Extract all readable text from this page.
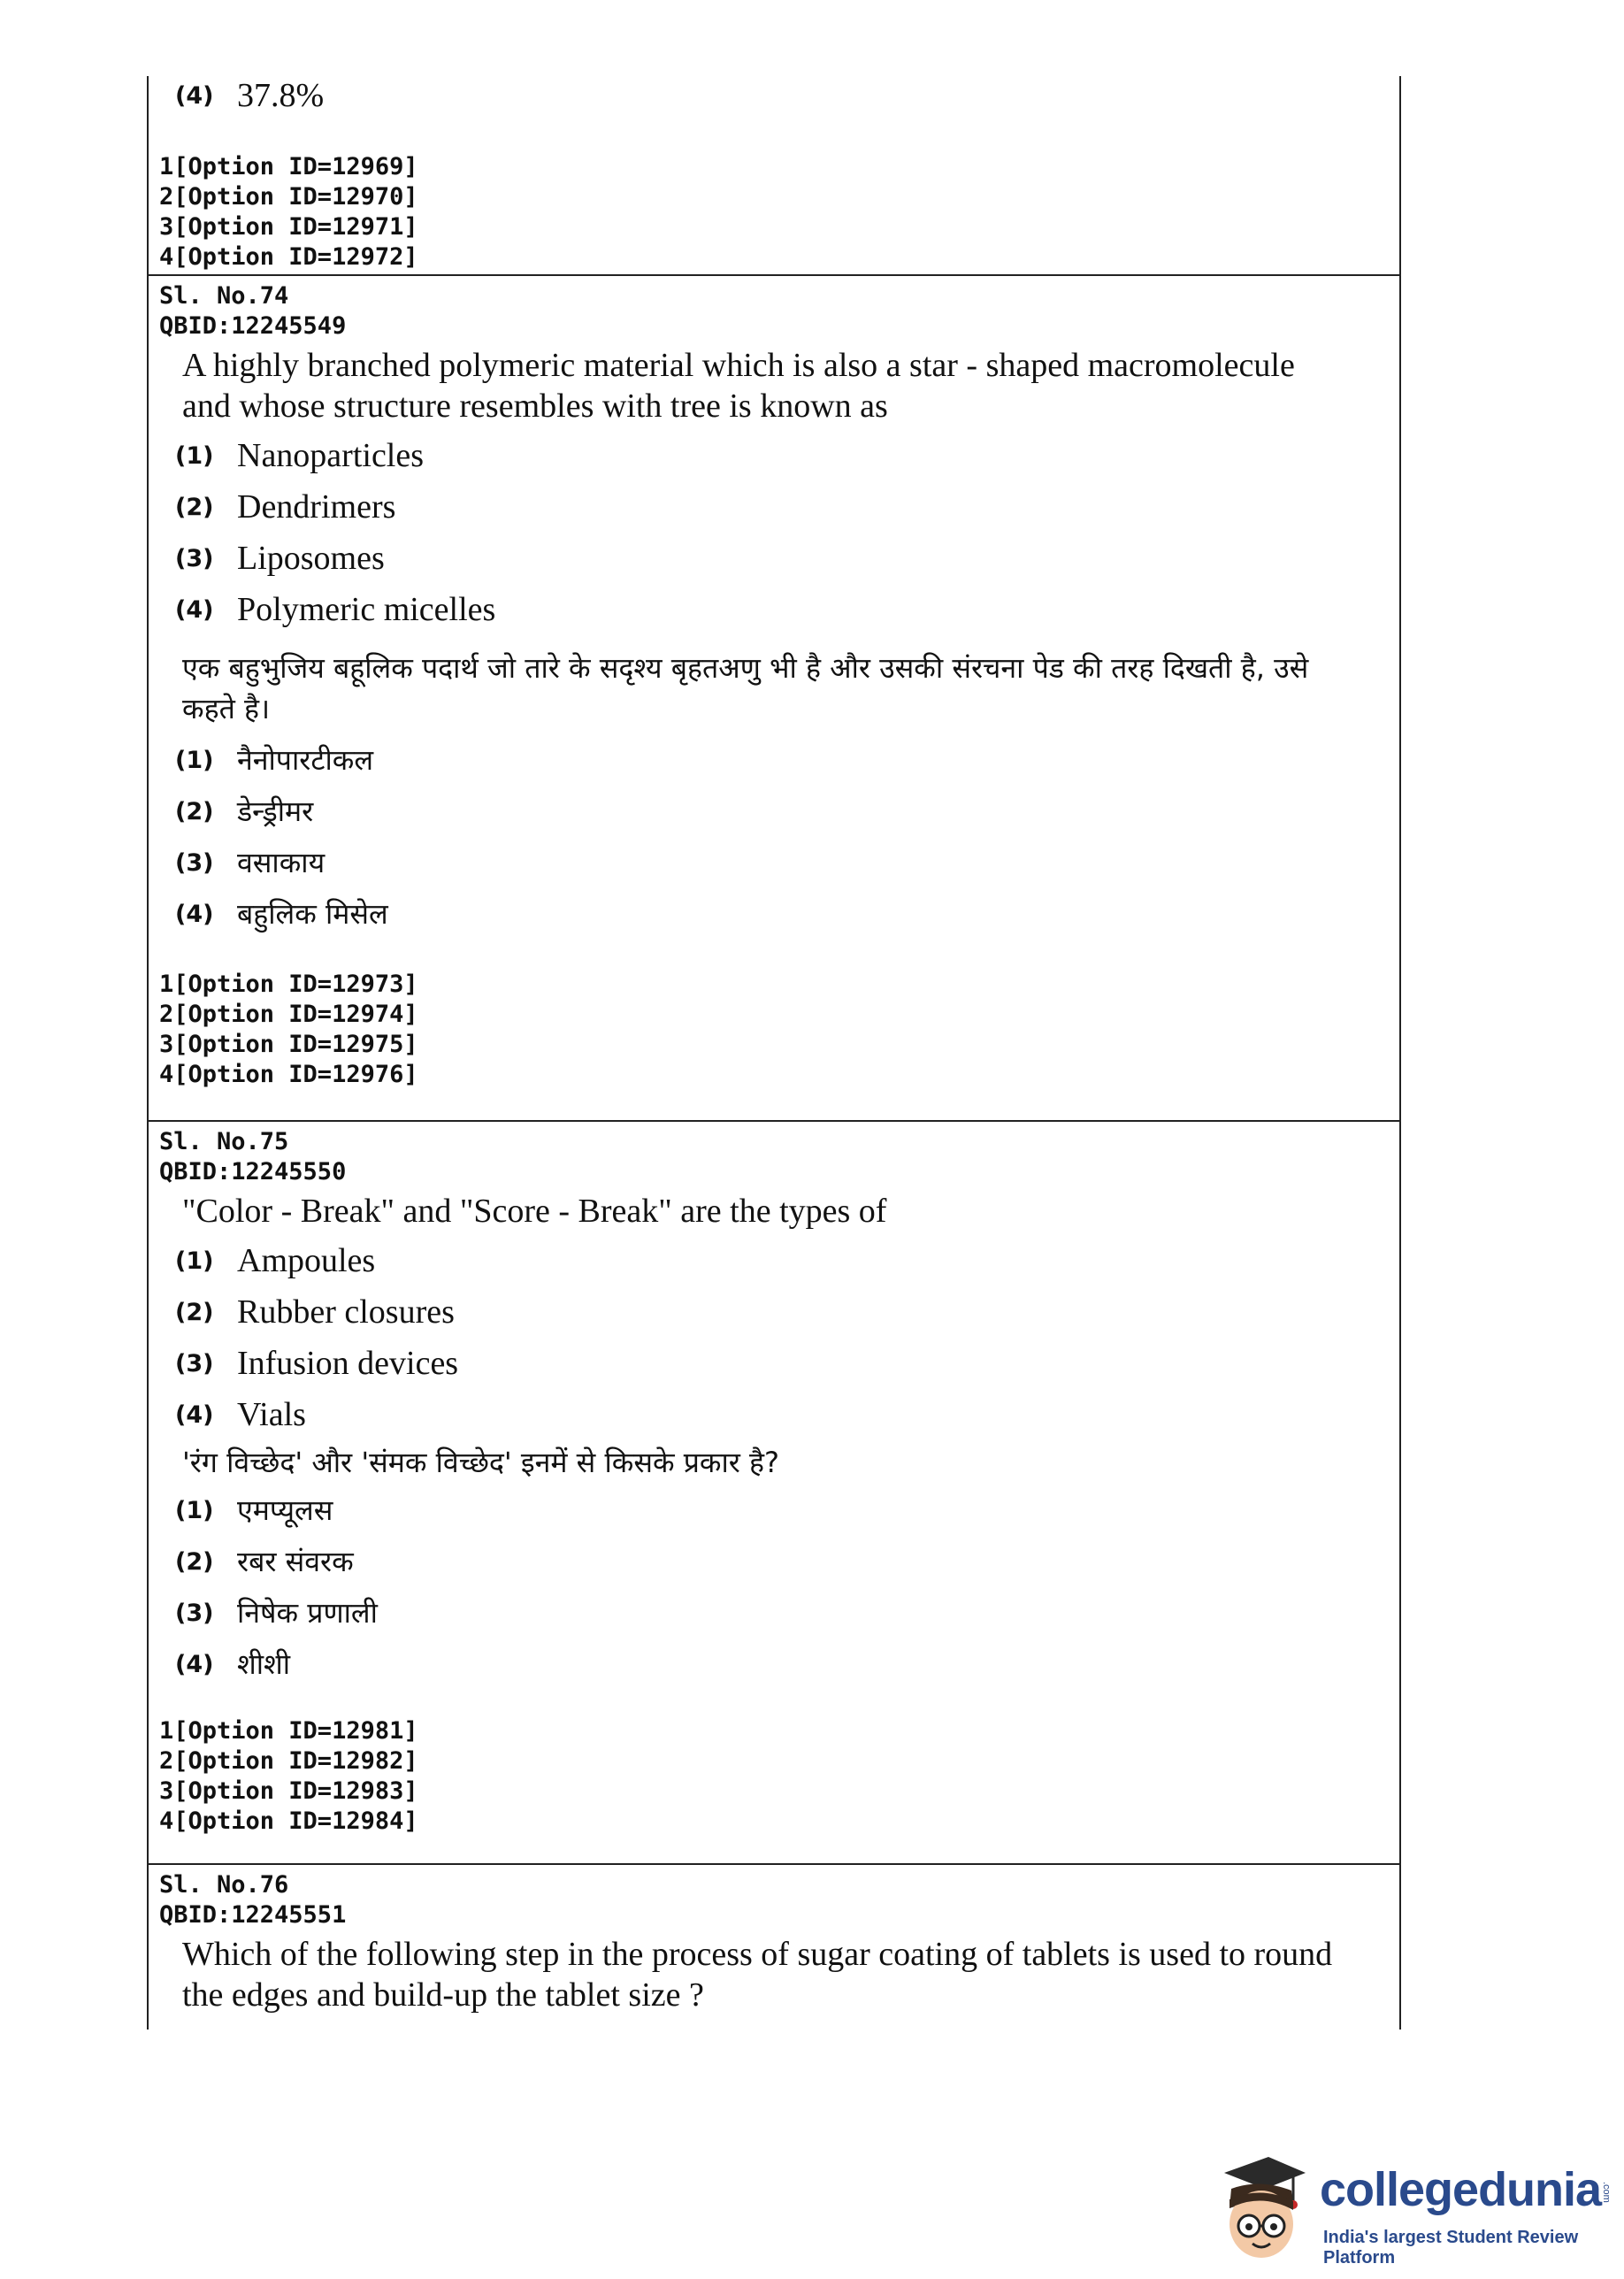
(4) 37.8%
1[Option ID=12969]
2[Option ID=12970]
3[Option ID=12971]
4[Option ID=12972]
Sl. No.74
QBID:12245549
A highly branched polymeric material which is also a star - shaped macromolecule and whose structure resembles with tree is known as
(1) Nanoparticles
(2) Dendrimers
(3) Liposomes
(4) Polymeric micelles
एक बहुभुजिय बहूलिक पदार्थ जो तारे के सदृश्य बृहतअणु भी है और उसकी संरचना पेड की तरह दिखती है, उसे कहते है।
(1) नैनोपारटीकल
(2) डेन्ड्रीमर
(3) वसाकाय
(4) बहुलिक मिसेल
1[Option ID=12973]
2[Option ID=12974]
3[Option ID=12975]
4[Option ID=12976]
Sl. No.75
QBID:12245550
"Color - Break" and "Score - Break" are the types of
(1) Ampoules
(2) Rubber closures
(3) Infusion devices
(4) Vials
'रंग विच्छेद' और 'संमक विच्छेद' इनमें से किसके प्रकार है?
(1) एमप्यूलस
(2) रबर संवरक
(3) निषेक प्रणाली
(4) शीशी
1[Option ID=12981]
2[Option ID=12982]
3[Option ID=12983]
4[Option ID=12984]
Sl. No.76
QBID:12245551
Which of the following step in the process of sugar coating of tablets is used to round the edges and build-up the tablet size ?
collegedunia .com
India's largest Student Review Platform
